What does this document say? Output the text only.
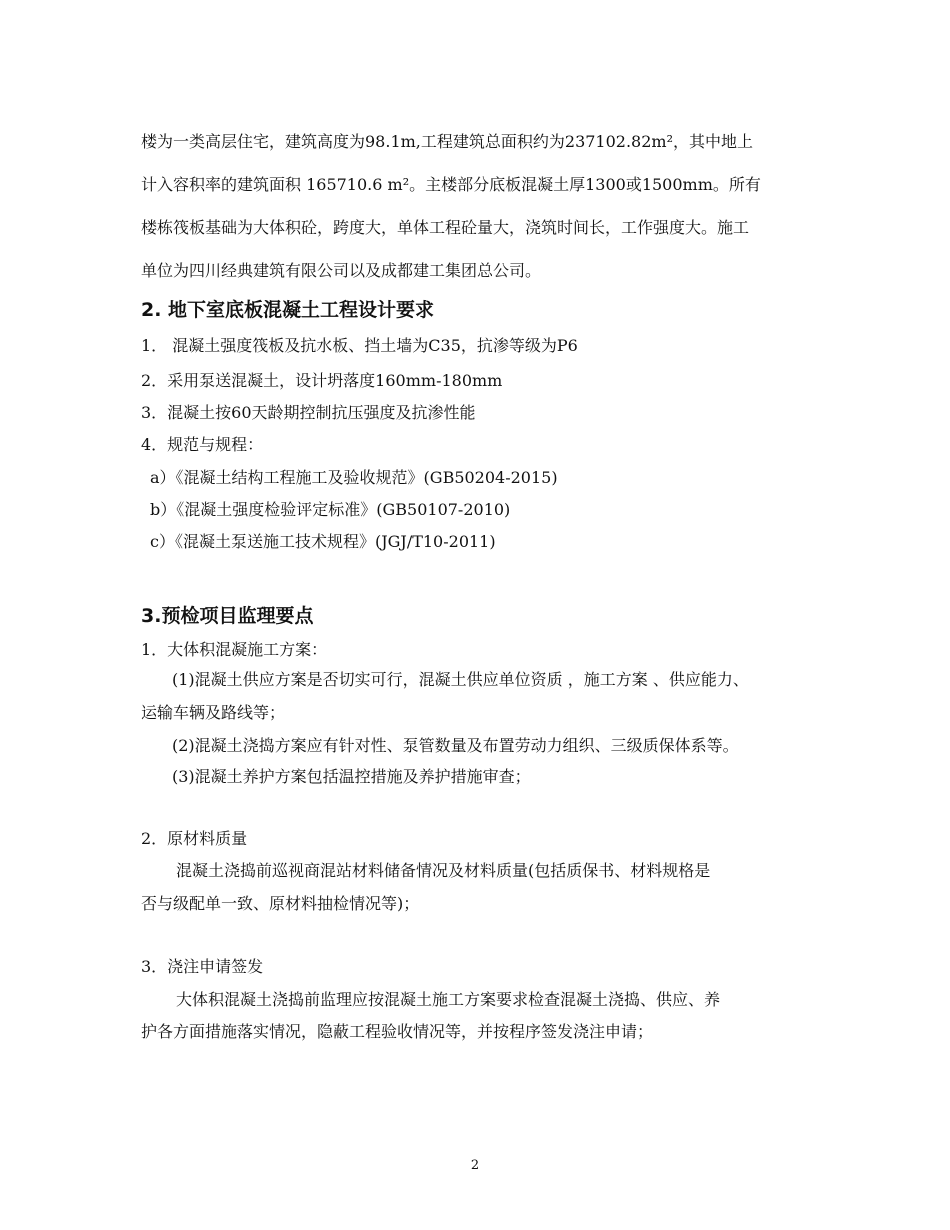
楼为一类高层住宅，建筑高度为98.1m,工程建筑总面积约为237102.82m²，其中地上
计入容积率的建筑面积 165710.6 m²。主楼部分底板混凝土厚1300或1500mm。所有
楼栋筏板基础为大体积砼，跨度大，单体工程砼量大，浇筑时间长，工作强度大。施工
单位为四川经典建筑有限公司以及成都建工集团总公司。
2. 地下室底板混凝土工程设计要求
1． 混凝土强度筏板及抗水板、挡土墙为C35，抗渗等级为P6
2．采用泵送混凝土，设计坍落度160mm-180mm
3．混凝土按60天龄期控制抗压强度及抗渗性能
4．规范与规程：
a）《混凝土结构工程施工及验收规范》(GB50204-2015)
b）《混凝土强度检验评定标准》(GB50107-2010)
c）《混凝土泵送施工技术规程》(JGJ/T10-2011)
3.预检项目监理要点
1．大体积混凝施工方案：
(1)混凝土供应方案是否切实可行，混凝土供应单位资质 ，施工方案 、供应能力、
运输车辆及路线等；
(2)混凝土浇捣方案应有针对性、泵管数量及布置劳动力组织、三级质保体系等。
(3)混凝土养护方案包括温控措施及养护措施审查；
2．原材料质量
混凝土浇捣前巡视商混站材料储备情况及材料质量(包括质保书、材料规格是
否与级配单一致、原材料抽检情况等)；
3．浇注申请签发
大体积混凝土浇捣前监理应按混凝土施工方案要求检查混凝土浇捣、供应、养
护各方面措施落实情况，隐蔽工程验收情况等，并按程序签发浇注申请；
2
